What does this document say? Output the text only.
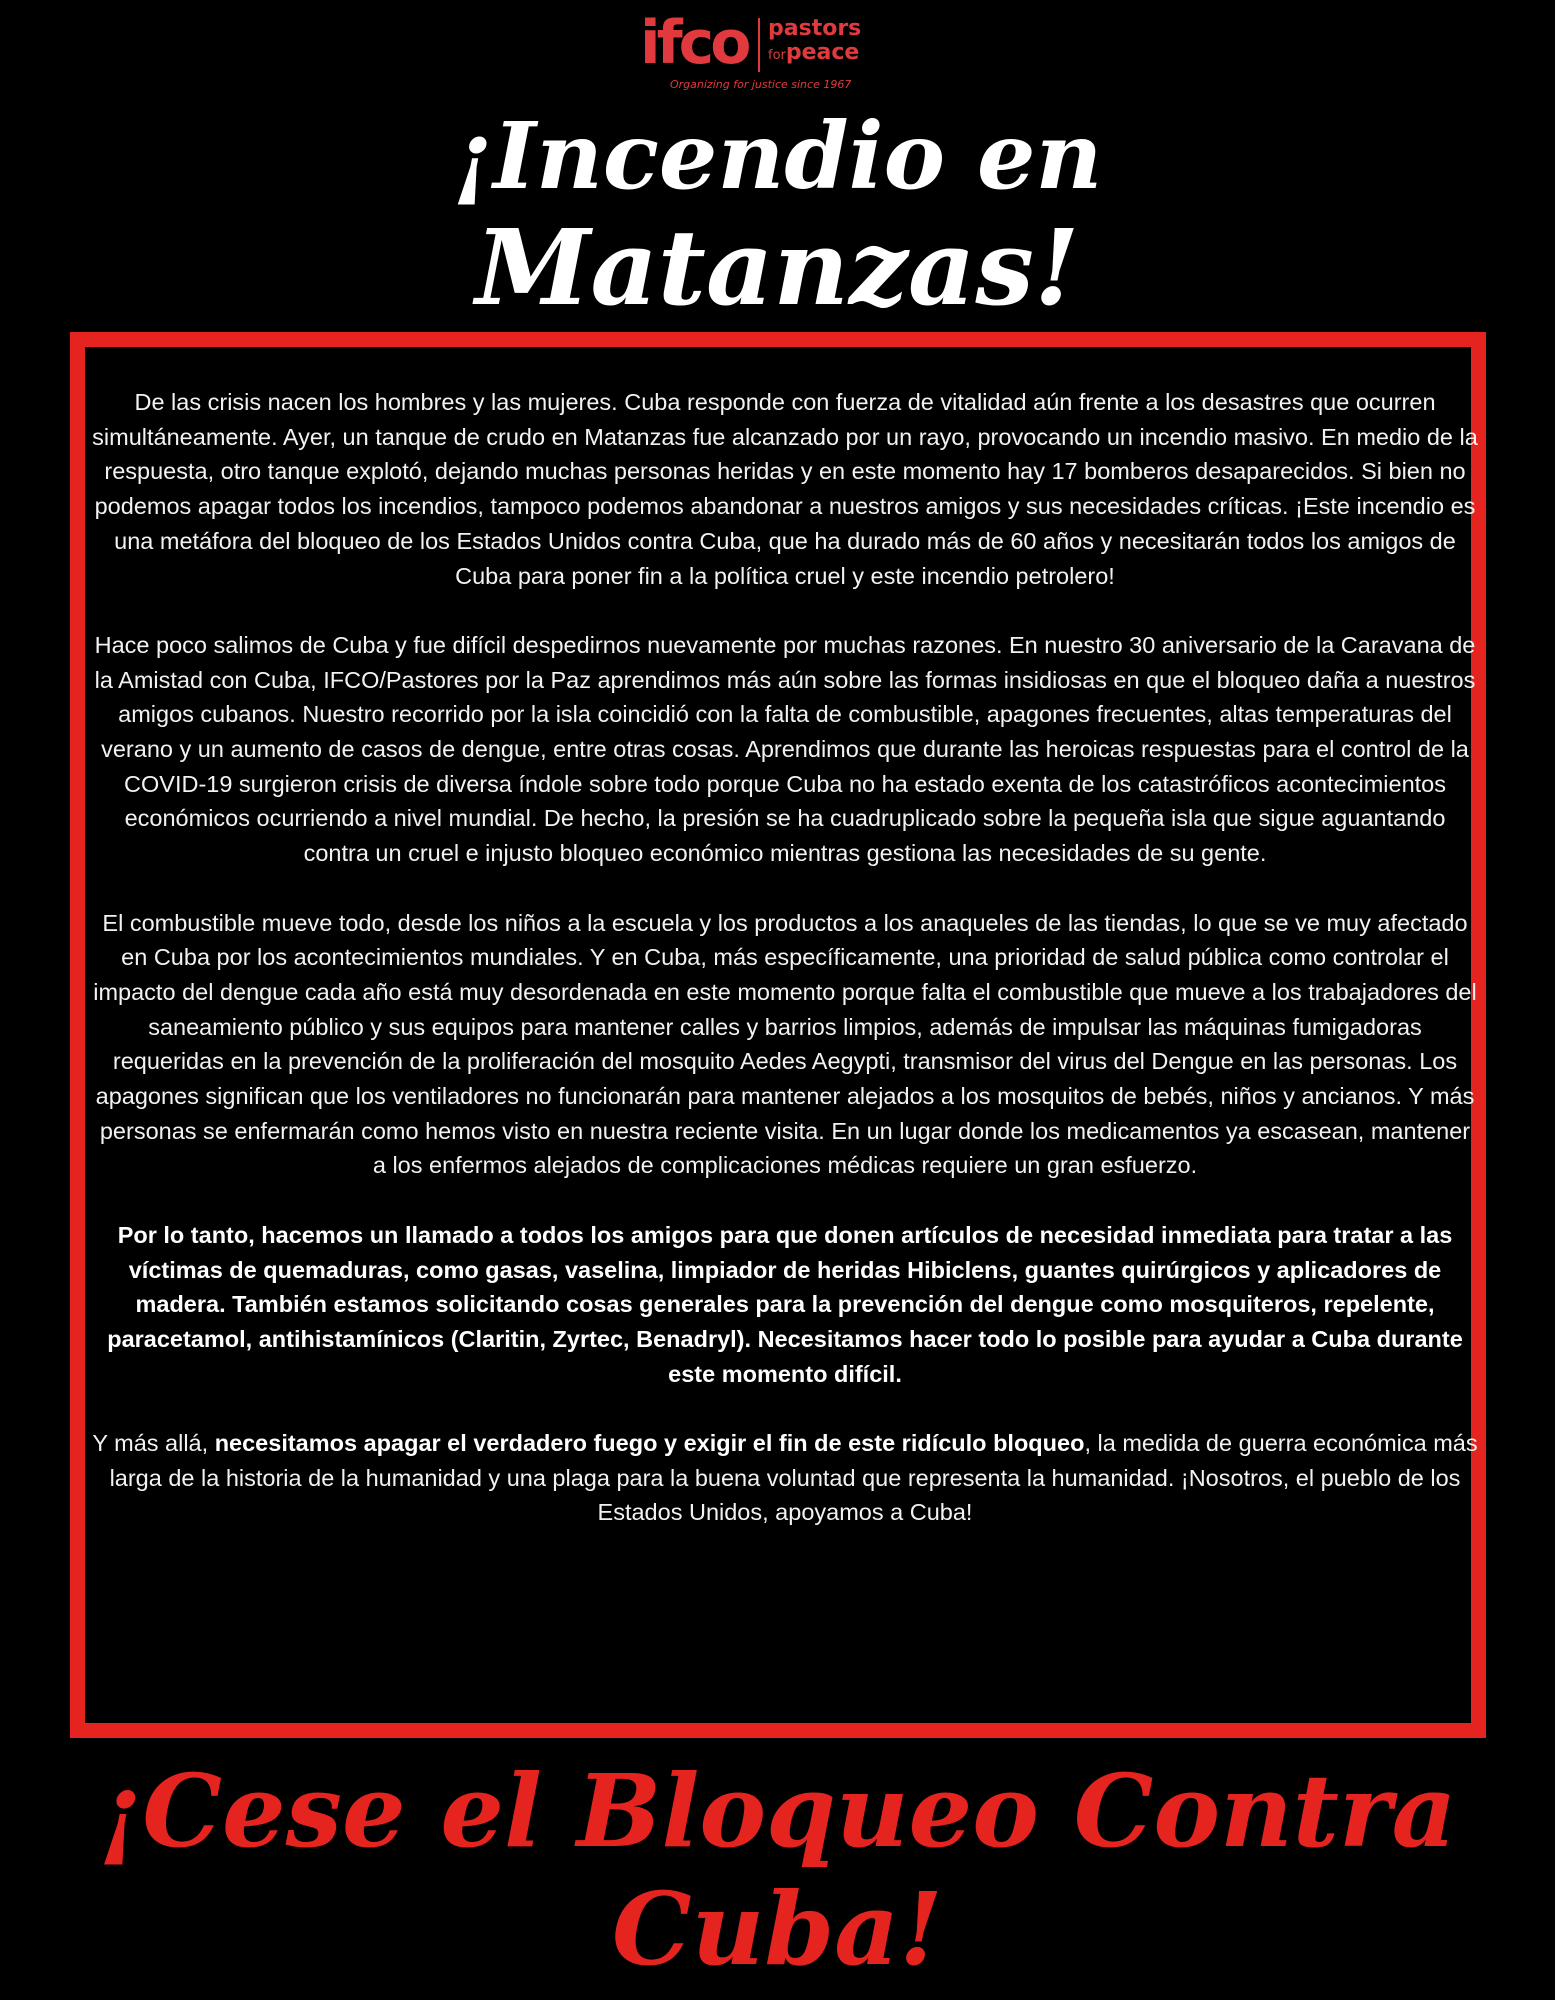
ifco pastors
forpeace
Organizing for justice since 1967
¡Incendio en
Matanzas!

De las crisis nacen los hombres y las mujeres. Cuba responde con fuerza de vitalidad aún frente a los desastres que ocurren simultáneamente. Ayer, un tanque de crudo en Matanzas fue alcanzado por un rayo, provocando un incendio masivo. En medio de la respuesta, otro tanque explotó, dejando muchas personas heridas y en este momento hay 17 bomberos desaparecidos. Si bien no podemos apagar todos los incendios, tampoco podemos abandonar a nuestros amigos y sus necesidades críticas. ¡Este incendio es una metáfora del bloqueo de los Estados Unidos contra Cuba, que ha durado más de 60 años y necesitarán todos los amigos de Cuba para poner fin a la política cruel y este incendio petrolero!

Hace poco salimos de Cuba y fue difícil despedirnos nuevamente por muchas razones. En nuestro 30 aniversario de la Caravana de la Amistad con Cuba, IFCO/Pastores por la Paz aprendimos más aún sobre las formas insidiosas en que el bloqueo daña a nuestros amigos cubanos. Nuestro recorrido por la isla coincidió con la falta de combustible, apagones frecuentes, altas temperaturas del verano y un aumento de casos de dengue, entre otras cosas. Aprendimos que durante las heroicas respuestas para el control de la COVID-19 surgieron crisis de diversa índole sobre todo porque Cuba no ha estado exenta de los catastróficos acontecimientos económicos ocurriendo a nivel mundial. De hecho, la presión se ha cuadruplicado sobre la pequeña isla que sigue aguantando contra un cruel e injusto bloqueo económico mientras gestiona las necesidades de su gente.

El combustible mueve todo, desde los niños a la escuela y los productos a los anaqueles de las tiendas, lo que se ve muy afectado en Cuba por los acontecimientos mundiales. Y en Cuba, más específicamente, una prioridad de salud pública como controlar el impacto del dengue cada año está muy desordenada en este momento porque falta el combustible que mueve a los trabajadores del saneamiento público y sus equipos para mantener calles y barrios limpios, además de impulsar las máquinas fumigadoras requeridas en la prevención de la proliferación del mosquito Aedes Aegypti, transmisor del virus del Dengue en las personas. Los apagones significan que los ventiladores no funcionarán para mantener alejados a los mosquitos de bebés, niños y ancianos. Y más personas se enfermarán como hemos visto en nuestra reciente visita. En un lugar donde los medicamentos ya escasean, mantener a los enfermos alejados de complicaciones médicas requiere un gran esfuerzo.

Por lo tanto, hacemos un llamado a todos los amigos para que donen artículos de necesidad inmediata para tratar a las víctimas de quemaduras, como gasas, vaselina, limpiador de heridas Hibiclens, guantes quirúrgicos y aplicadores de madera. También estamos solicitando cosas generales para la prevención del dengue como mosquiteros, repelente, paracetamol, antihistamínicos (Claritin, Zyrtec, Benadryl). Necesitamos hacer todo lo posible para ayudar a Cuba durante este momento difícil.

Y más allá, necesitamos apagar el verdadero fuego y exigir el fin de este ridículo bloqueo, la medida de guerra económica más larga de la historia de la humanidad y una plaga para la buena voluntad que representa la humanidad. ¡Nosotros, el pueblo de los Estados Unidos, apoyamos a Cuba!

¡Cese el Bloqueo Contra
Cuba!
